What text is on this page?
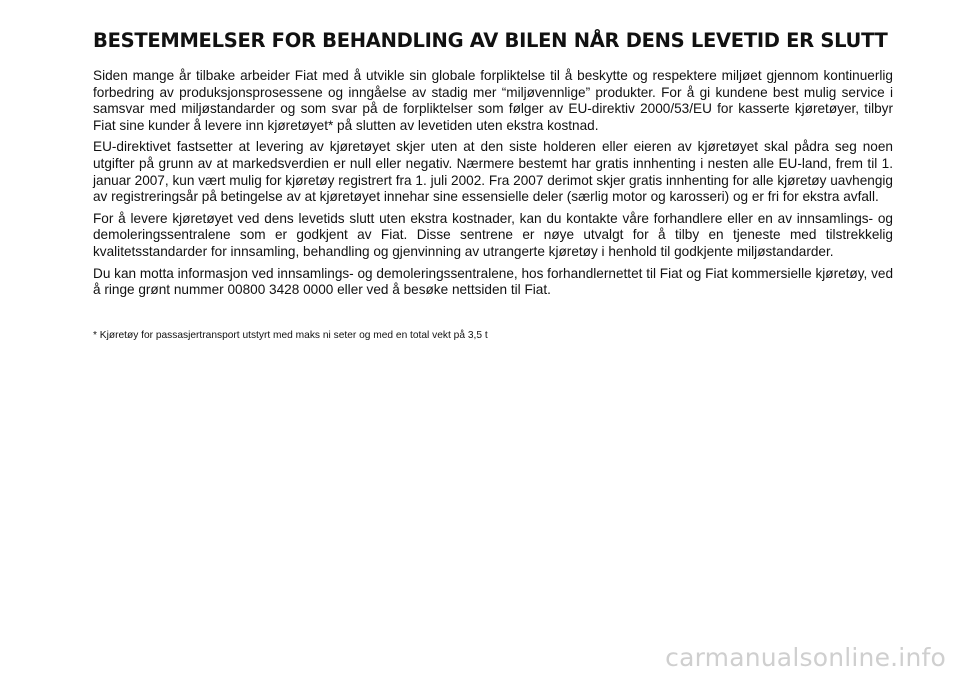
BESTEMMELSER FOR BEHANDLING AV BILEN NÅR DENS LEVETID ER SLUTT

Siden mange år tilbake arbeider Fiat med å utvikle sin globale forpliktelse til å beskytte og respektere miljøet gjennom kontinuerlig forbedring av produksjonsprosessene og inngåelse av stadig mer “miljøvennlige” produkter. For å gi kundene best mulig service i samsvar med miljøstandarder og som svar på de forpliktelser som følger av EU-direktiv 2000/53/EU for kasserte kjøretøyer, tilbyr Fiat sine kunder å levere inn kjøretøyet* på slutten av levetiden uten ekstra kostnad.

EU-direktivet fastsetter at levering av kjøretøyet skjer uten at den siste holderen eller eieren av kjøretøyet skal pådra seg noen utgifter på grunn av at markedsverdien er null eller negativ. Nærmere bestemt har gratis innhenting i nesten alle EU-land, frem til 1. januar 2007, kun vært mulig for kjøretøy registrert fra 1. juli 2002. Fra 2007 derimot skjer gratis innhenting for alle kjøretøy uavhengig av registreringsår på betingelse av at kjøretøyet innehar sine essensielle deler (særlig motor og karosseri) og er fri for ekstra avfall.

For å levere kjøretøyet ved dens levetids slutt uten ekstra kostnader, kan du kontakte våre forhandlere eller en av innsamlings- og demoleringssentralene som er godkjent av Fiat. Disse sentrene er nøye utvalgt for å tilby en tjeneste med tilstrekkelig kvalitetsstandarder for innsamling, behandling og gjenvinning av utrangerte kjøretøy i henhold til godkjente miljøstandarder.

Du kan motta informasjon ved innsamlings- og demoleringssentralene, hos forhandlernettet til Fiat og Fiat kommersielle kjøretøy, ved å ringe grønt nummer 00800 3428 0000 eller ved å besøke nettsiden til Fiat.

* Kjøretøy for passasjertransport utstyrt med maks ni seter og med en total vekt på 3,5 t

carmanualsonline.info
